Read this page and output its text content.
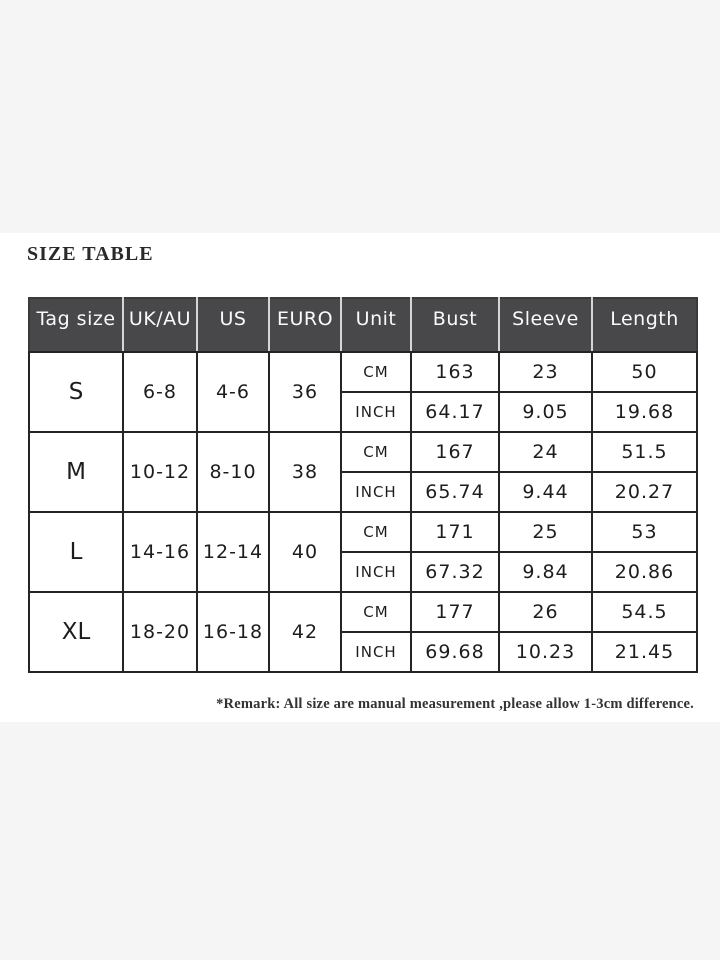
SIZE TABLE
Tag size	UK/AU	US	EURO	Unit	Bust	Sleeve	Length
S	6-8	4-6	36	CM	163	23	50
				INCH	64.17	9.05	19.68
M	10-12	8-10	38	CM	167	24	51.5
				INCH	65.74	9.44	20.27
L	14-16	12-14	40	CM	171	25	53
				INCH	67.32	9.84	20.86
XL	18-20	16-18	42	CM	177	26	54.5
				INCH	69.68	10.23	21.45
*Remark: All size are manual measurement ,please allow 1-3cm difference.
